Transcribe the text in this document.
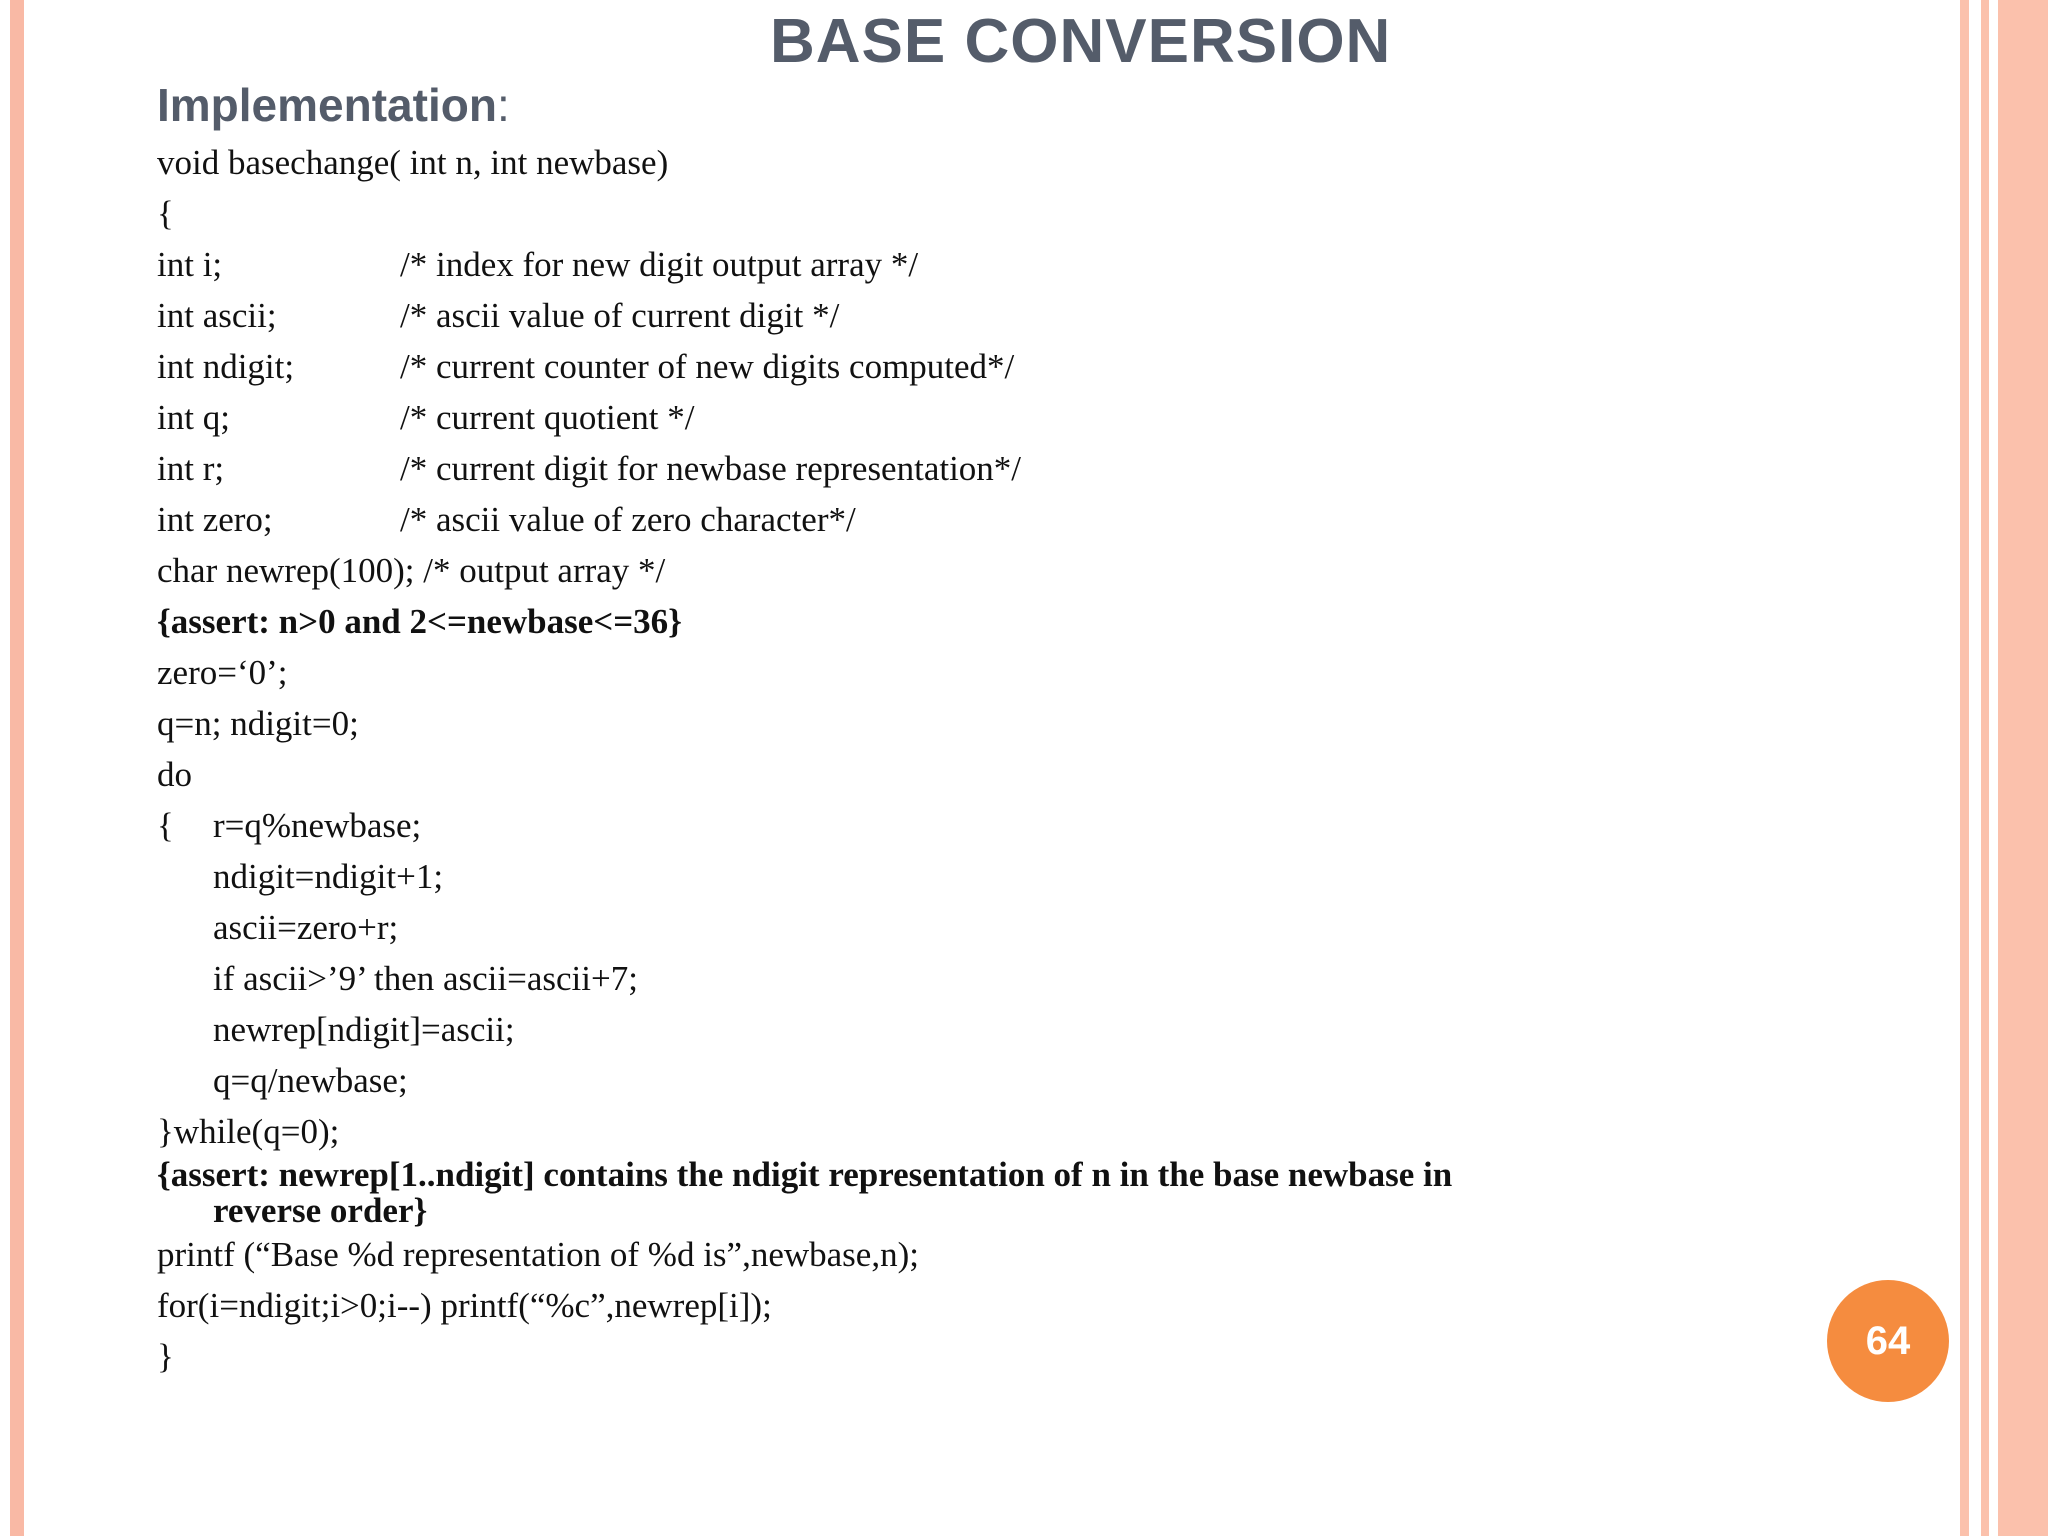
BASE CONVERSION
Implementation:
void basechange( int n, int newbase)
{
int i;	/* index for new digit output array */
int ascii;	/* ascii value of current digit */
int ndigit;	/* current counter of new digits computed*/
int q;	/* current quotient */
int r;	/* current digit for newbase representation*/
int zero;	/* ascii value of zero character*/
char newrep(100); /* output array */
{assert: n>0 and 2<=newbase<=36}
zero=‘0’;
q=n; ndigit=0;
do
{ r=q%newbase;
ndigit=ndigit+1;
ascii=zero+r;
if ascii>’9’ then ascii=ascii+7;
newrep[ndigit]=ascii;
q=q/newbase;
}while(q=0);
{assert: newrep[1..ndigit] contains the ndigit representation of n in the base newbase in
reverse order}
printf (“Base %d representation of %d is”,newbase,n);
for(i=ndigit;i>0;i--) printf(“%c”,newrep[i]);
}	64
